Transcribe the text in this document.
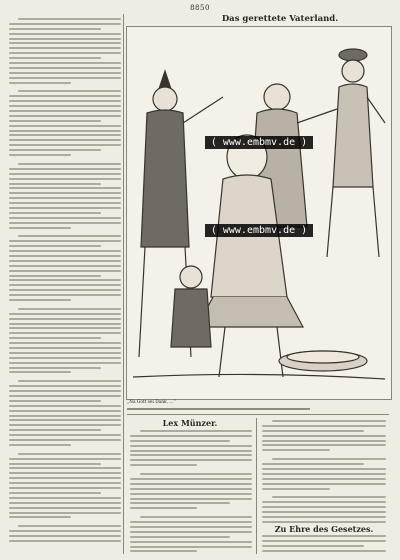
8850
Das gerettete Vaterland.
( www.embmv.de )
( www.embmv.de )
„Na Gott sei Dank, …“
Lex Münzer.
Zu Ehre des Gesetzes.
